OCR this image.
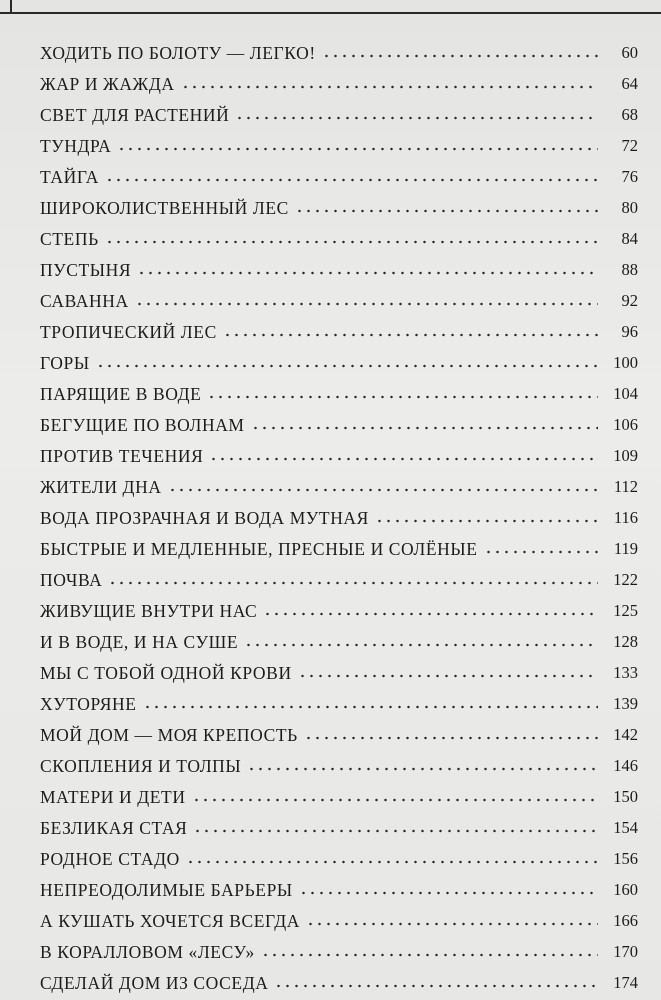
ХОДИТЬ ПО БОЛОТУ — ЛЕГКО!	60
ЖАР И ЖАЖДА	64
СВЕТ ДЛЯ РАСТЕНИЙ	68
ТУНДРА	72
ТАЙГА	76
ШИРОКОЛИСТВЕННЫЙ ЛЕС	80
СТЕПЬ	84
ПУСТЫНЯ	88
САВАННА	92
ТРОПИЧЕСКИЙ ЛЕС	96
ГОРЫ	100
ПАРЯЩИЕ В ВОДЕ	104
БЕГУЩИЕ ПО ВОЛНАМ	106
ПРОТИВ ТЕЧЕНИЯ	109
ЖИТЕЛИ ДНА	112
ВОДА ПРОЗРАЧНАЯ И ВОДА МУТНАЯ	116
БЫСТРЫЕ И МЕДЛЕННЫЕ, ПРЕСНЫЕ И СОЛЁНЫЕ	119
ПОЧВА	122
ЖИВУЩИЕ ВНУТРИ НАС	125
И В ВОДЕ, И НА СУШЕ	128
МЫ С ТОБОЙ ОДНОЙ КРОВИ	133
ХУТОРЯНЕ	139
МОЙ ДОМ — МОЯ КРЕПОСТЬ	142
СКОПЛЕНИЯ И ТОЛПЫ	146
МАТЕРИ И ДЕТИ	150
БЕЗЛИКАЯ СТАЯ	154
РОДНОЕ СТАДО	156
НЕПРЕОДОЛИМЫЕ БАРЬЕРЫ	160
А КУШАТЬ ХОЧЕТСЯ ВСЕГДА	166
В КОРАЛЛОВОМ «ЛЕСУ»	170
СДЕЛАЙ ДОМ ИЗ СОСЕДА	174
